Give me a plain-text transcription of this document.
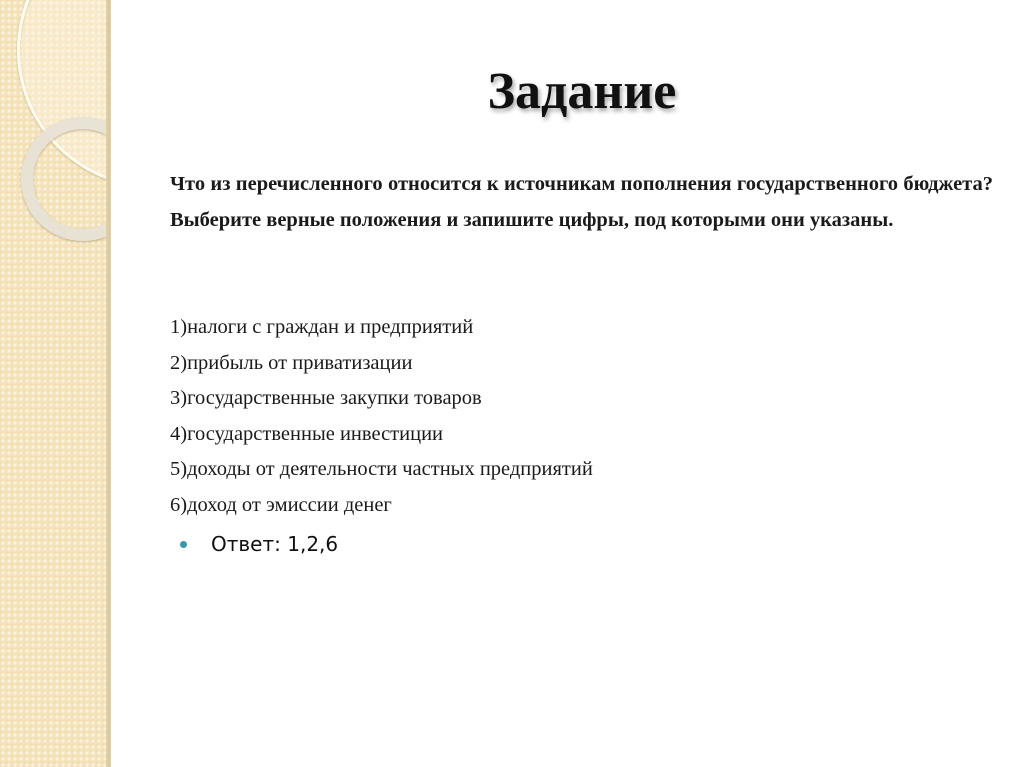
Задание

Что из перечисленного относится к источникам пополнения государственного бюджета? Выберите верные положения и запишите цифры, под которыми они указаны.

1)налоги с граждан и предприятий
2)прибыль от приватизации
3)государственные закупки товаров
4)государственные инвестиции
5)доходы от деятельности частных предприятий
6)доход от эмиссии денег
Ответ: 1,2,6
